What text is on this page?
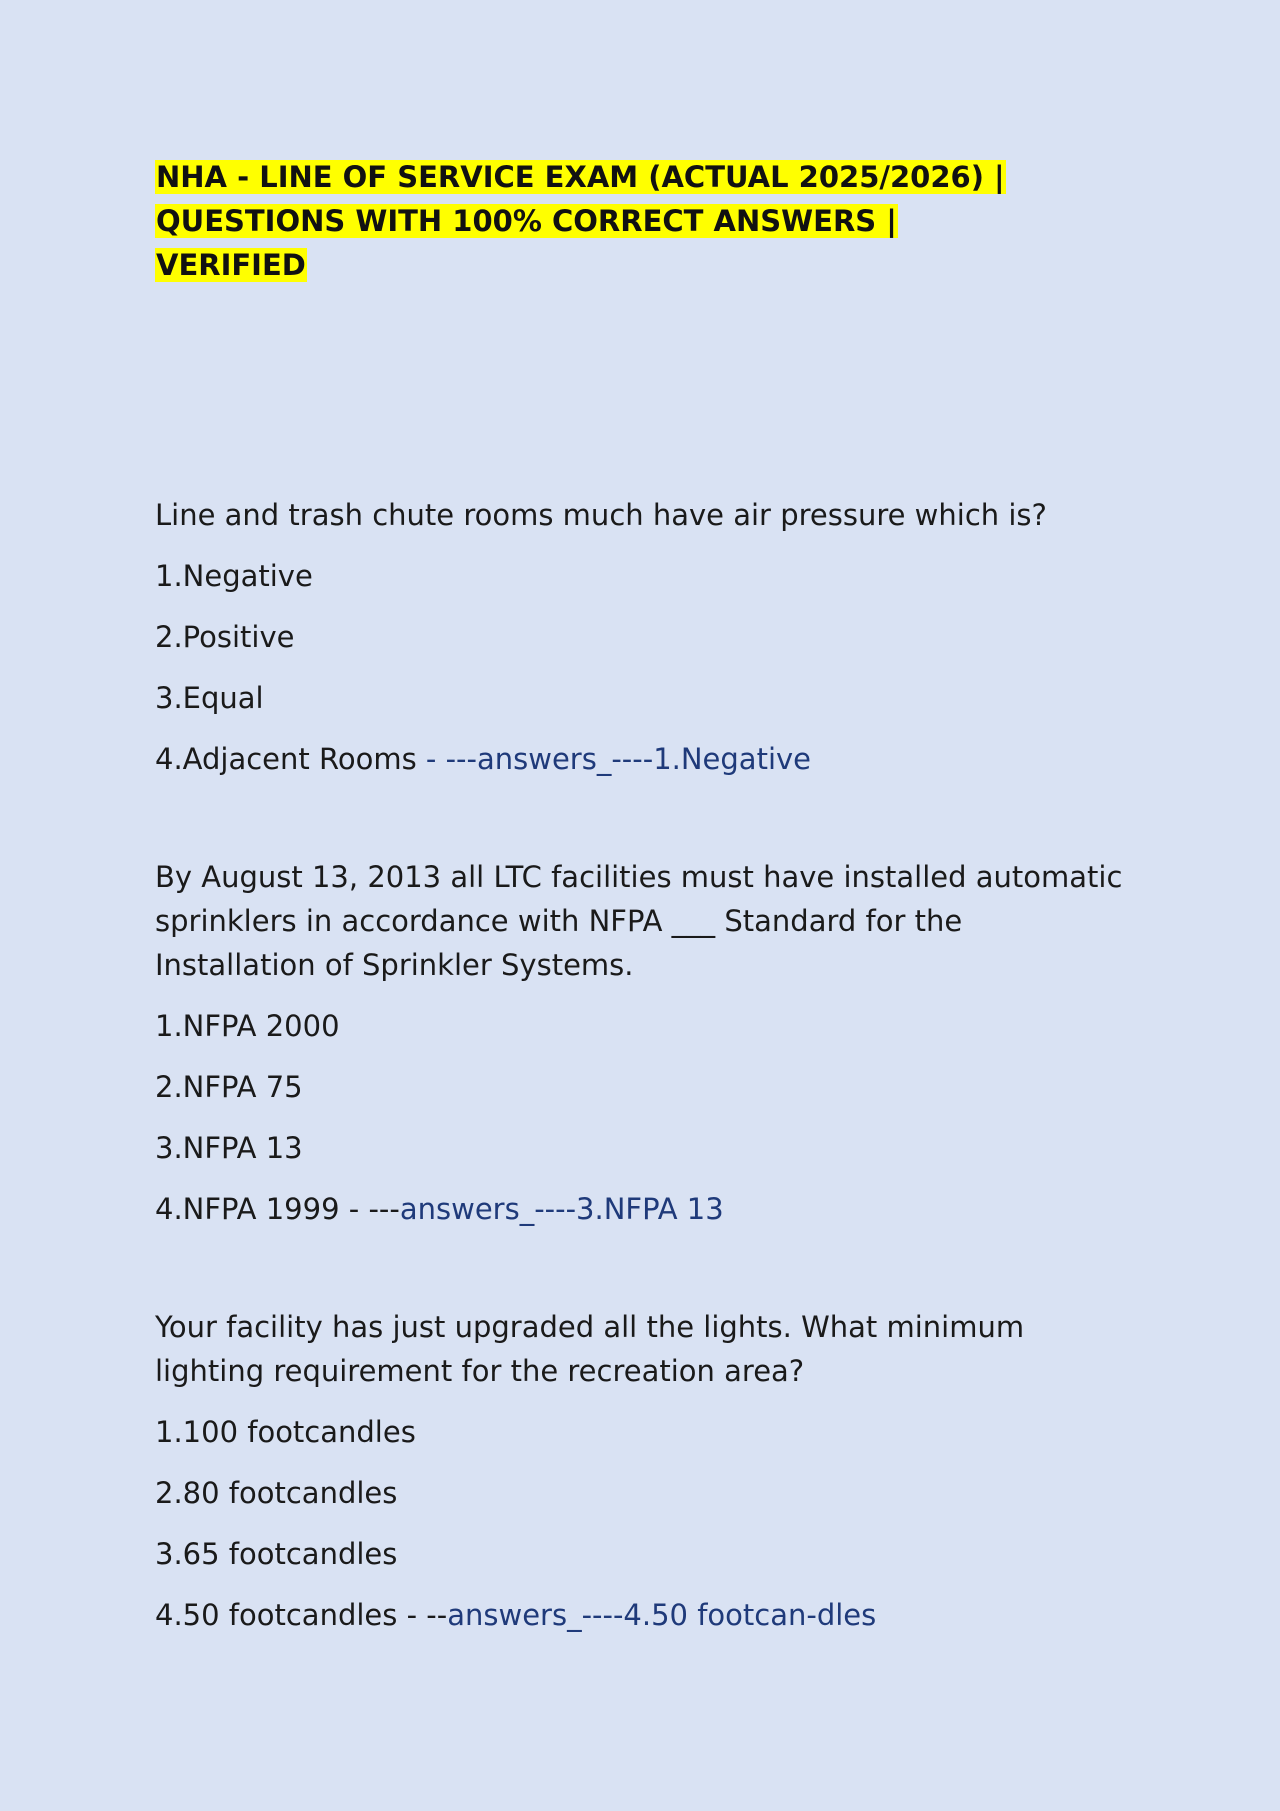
NHA - LINE OF SERVICE EXAM (ACTUAL 2025/2026) |
QUESTIONS WITH 100% CORRECT ANSWERS | VERIFIED
Line and trash chute rooms much have air pressure which is?
1.Negative
2.Positive
3.Equal
4.Adjacent Rooms - ---answers_----1.Negative
By August 13, 2013 all LTC facilities must have installed automatic sprinklers in accordance with NFPA ___ Standard for the Installation of Sprinkler Systems.
1.NFPA 2000
2.NFPA 75
3.NFPA 13
4.NFPA 1999 - ---answers_----3.NFPA 13
Your facility has just upgraded all the lights. What minimum lighting requirement for the recreation area?
1.100 footcandles
2.80 footcandles
3.65 footcandles
4.50 footcandles - --answers_----4.50 footcan-dles
